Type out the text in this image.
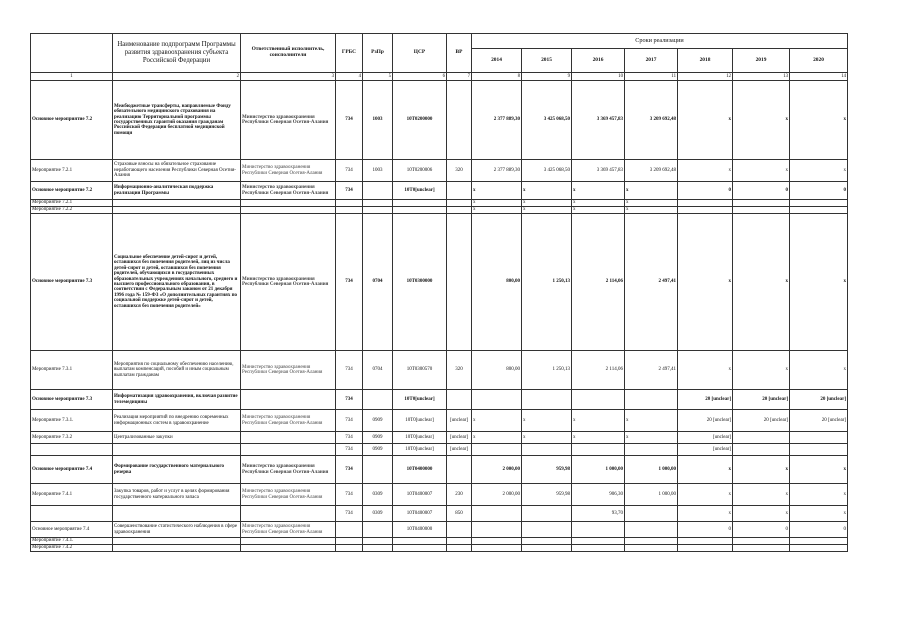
	Наименование подпрограмм Программы развития здравоохранения субъекта Российской Федерации	Ответственный исполнитель, соисполнители	ГРБС	РзПр	ЦСР	ВР	Сроки реализации						
							2014	2015	2016	2017	2018	2019	2020
1	2	3	4	5	6	7	8	9	10	11	12	13	14
Основное мероприятие 7.2	Межбюджетные трансферты, направляемые Фонду обязательного медицинского страхования на реализацию Территориальной программы государственных гарантий оказания гражданам Российской Федерации бесплатной медицинской помощи	Министерство здравоохранения Республики Северная Осетия-Алания	734	1003	10Т0200000		2 377 889,30	3 425 068,50	3 369 457,83	3 209 692,48	х	х	х
Мероприятие 7.2.1	Страховые взносы на обязательное страхование неработающего населения Республики Северная Осетия-Алания	Министерство здравоохранения Республики Северная Осетия-Алания	734	1003	10Т0200006	320	2 377 889,30	3 425 068,50	3 369 457,83	3 209 692,48	х	х	х
Основное мероприятие 7.2	Информационно-аналитическая поддержка реализации Программы	Министерство здравоохранения Республики Северная Осетия-Алания	734		10Т0[unclear]		х	х	х	х	0	0	0
Мероприятие 7.2.1							х	х	х	х			
Мероприятие 7.2.2							х	х	х	х			
Основное мероприятие 7.3	Социальное обеспечение детей-сирот и детей, оставшихся без попечения родителей, лиц из числа детей-сирот и детей, оставшихся без попечения родителей, обучающихся в государственных образовательных учреждениях начального, среднего и высшего профессионального образования, в соответствии с Федеральным законом от 21 декабря 1996 года № 159-ФЗ «О дополнительных гарантиях по социальной поддержке детей-сирот и детей, оставшихся без попечения родителей»	Министерство здравоохранения Республики Северная Осетия-Алания	734	0704	10Т0300000		800,00	1 250,13	2 114,06	2 497,41	х	х	х
Мероприятие 7.3.1	Мероприятия по социальному обеспечению населению, выплатам компенсаций, пособий и иным социальным выплатам гражданам	Министерство здравоохранения Республики Северная Осетия-Алания	734	0704	10Т0300570	320	800,00	1 250,13	2 114,06	2 497,41	х	х	х
Основное мероприятие 7.3	Информатизация здравоохранения, включая развитие телемедицины		734		10Т0[unclear]						20 [unclear]	20 [unclear]	20 [unclear]
Мероприятие 7.3.1.	Реализация мероприятий по внедрению современных информационных систем в здравоохранение	Министерство здравоохранения Республики Северная Осетия-Алания	734	0909	10Т0[unclear]	[unclear]	х	х	х	х	20 [unclear]	20 [unclear]	20 [unclear]
Мероприятие 7.3.2	Централизованные закупки		734	0909	10Т0[unclear]	[unclear]	х	х	х	х	[unclear]		
			734	0909	10Т0[unclear]	[unclear]					[unclear]		
Основное мероприятие 7.4	Формирование государственного материального резерва	Министерство здравоохранения Республики Северная Осетия-Алания	734		10Т0400000		2 000,00	959,98	1 000,00	1 000,00	х	х	х
Мероприятие 7.4.1	Закупка товаров, работ и услуг в целях формирования государственного материального запаса	Министерство здравоохранения Республики Северная Осетия-Алания	734	0309	10Т0400007	230	2 000,00	959,98	906,30	1 000,00	х	х	х
			734	0309	10Т0400007	850			93,70		х	х	х
Основное мероприятие 7.4	Совершенствование статистического наблюдения в сфере здравоохранения	Министерство здравоохранения Республики Северная Осетия-Алания			10Т0400000						0	0	0
Мероприятие 7.4.1.													
Мероприятие 7.4.2													
